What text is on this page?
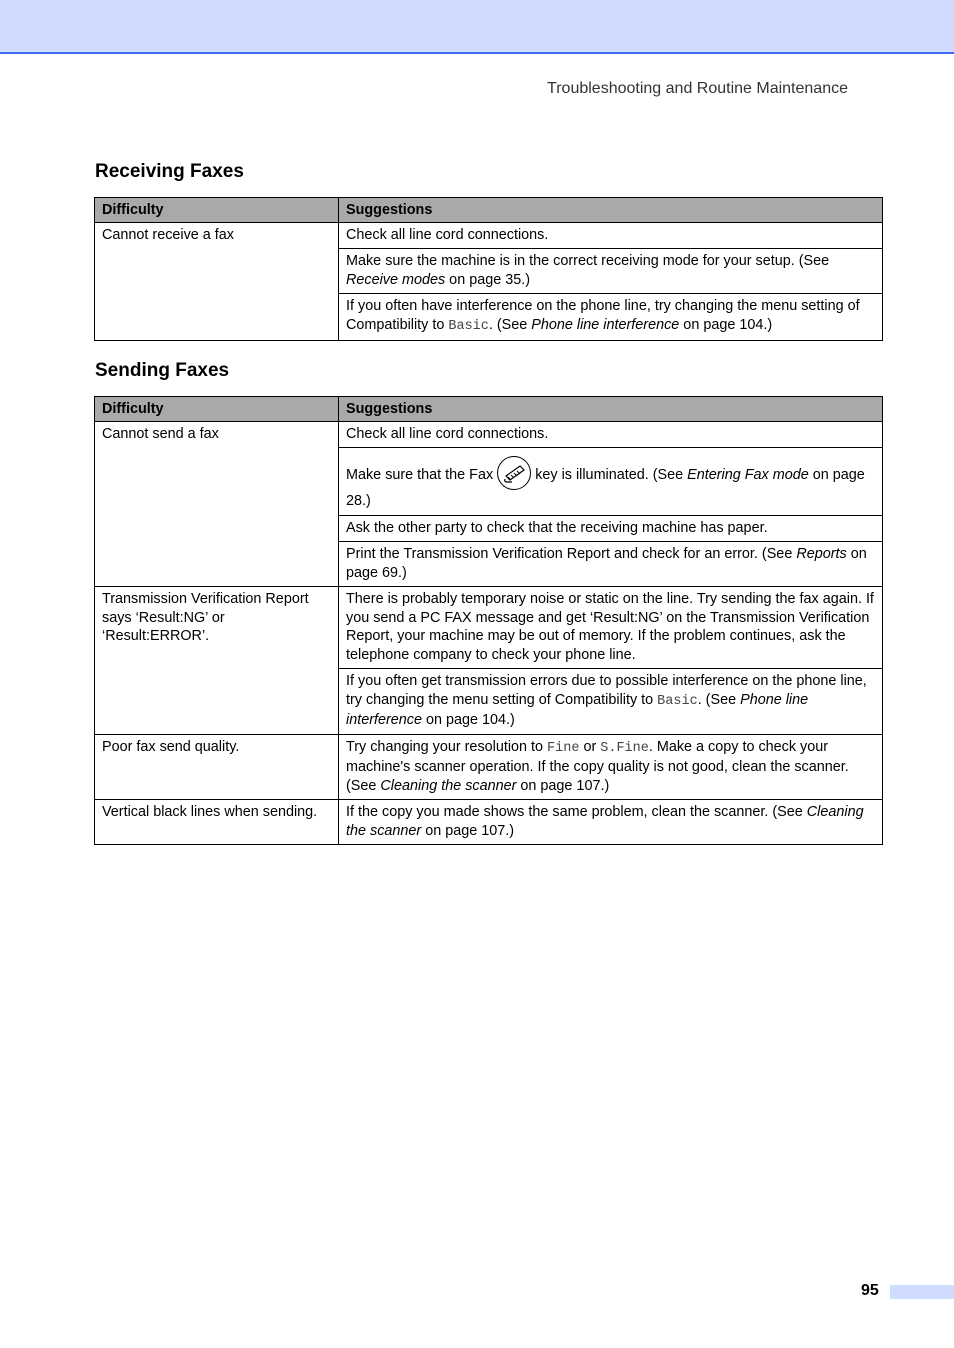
Troubleshooting and Routine Maintenance
Receiving Faxes
Difficulty	Suggestions
Cannot receive a fax	Check all line cord connections.
	Make sure the machine is in the correct receiving mode for your setup. (See Receive modes on page 35.)
	If you often have interference on the phone line, try changing the menu setting of Compatibility to Basic. (See Phone line interference on page 104.)
Sending Faxes
Difficulty	Suggestions
Cannot send a fax	Check all line cord connections.
	Make sure that the Fax key is illuminated. (See Entering Fax mode on page 28.)
	Ask the other party to check that the receiving machine has paper.
	Print the Transmission Verification Report and check for an error. (See Reports on page 69.)
Transmission Verification Report says ‘Result:NG’ or ‘Result:ERROR’.	There is probably temporary noise or static on the line. Try sending the fax again. If you send a PC FAX message and get ‘Result:NG’ on the Transmission Verification Report, your machine may be out of memory. If the problem continues, ask the telephone company to check your phone line.
	If you often get transmission errors due to possible interference on the phone line, try changing the menu setting of Compatibility to Basic. (See Phone line interference on page 104.)
Poor fax send quality.	Try changing your resolution to Fine or S.Fine. Make a copy to check your machine's scanner operation. If the copy quality is not good, clean the scanner. (See Cleaning the scanner on page 107.)
Vertical black lines when sending.	If the copy you made shows the same problem, clean the scanner. (See Cleaning the scanner on page 107.)
95
